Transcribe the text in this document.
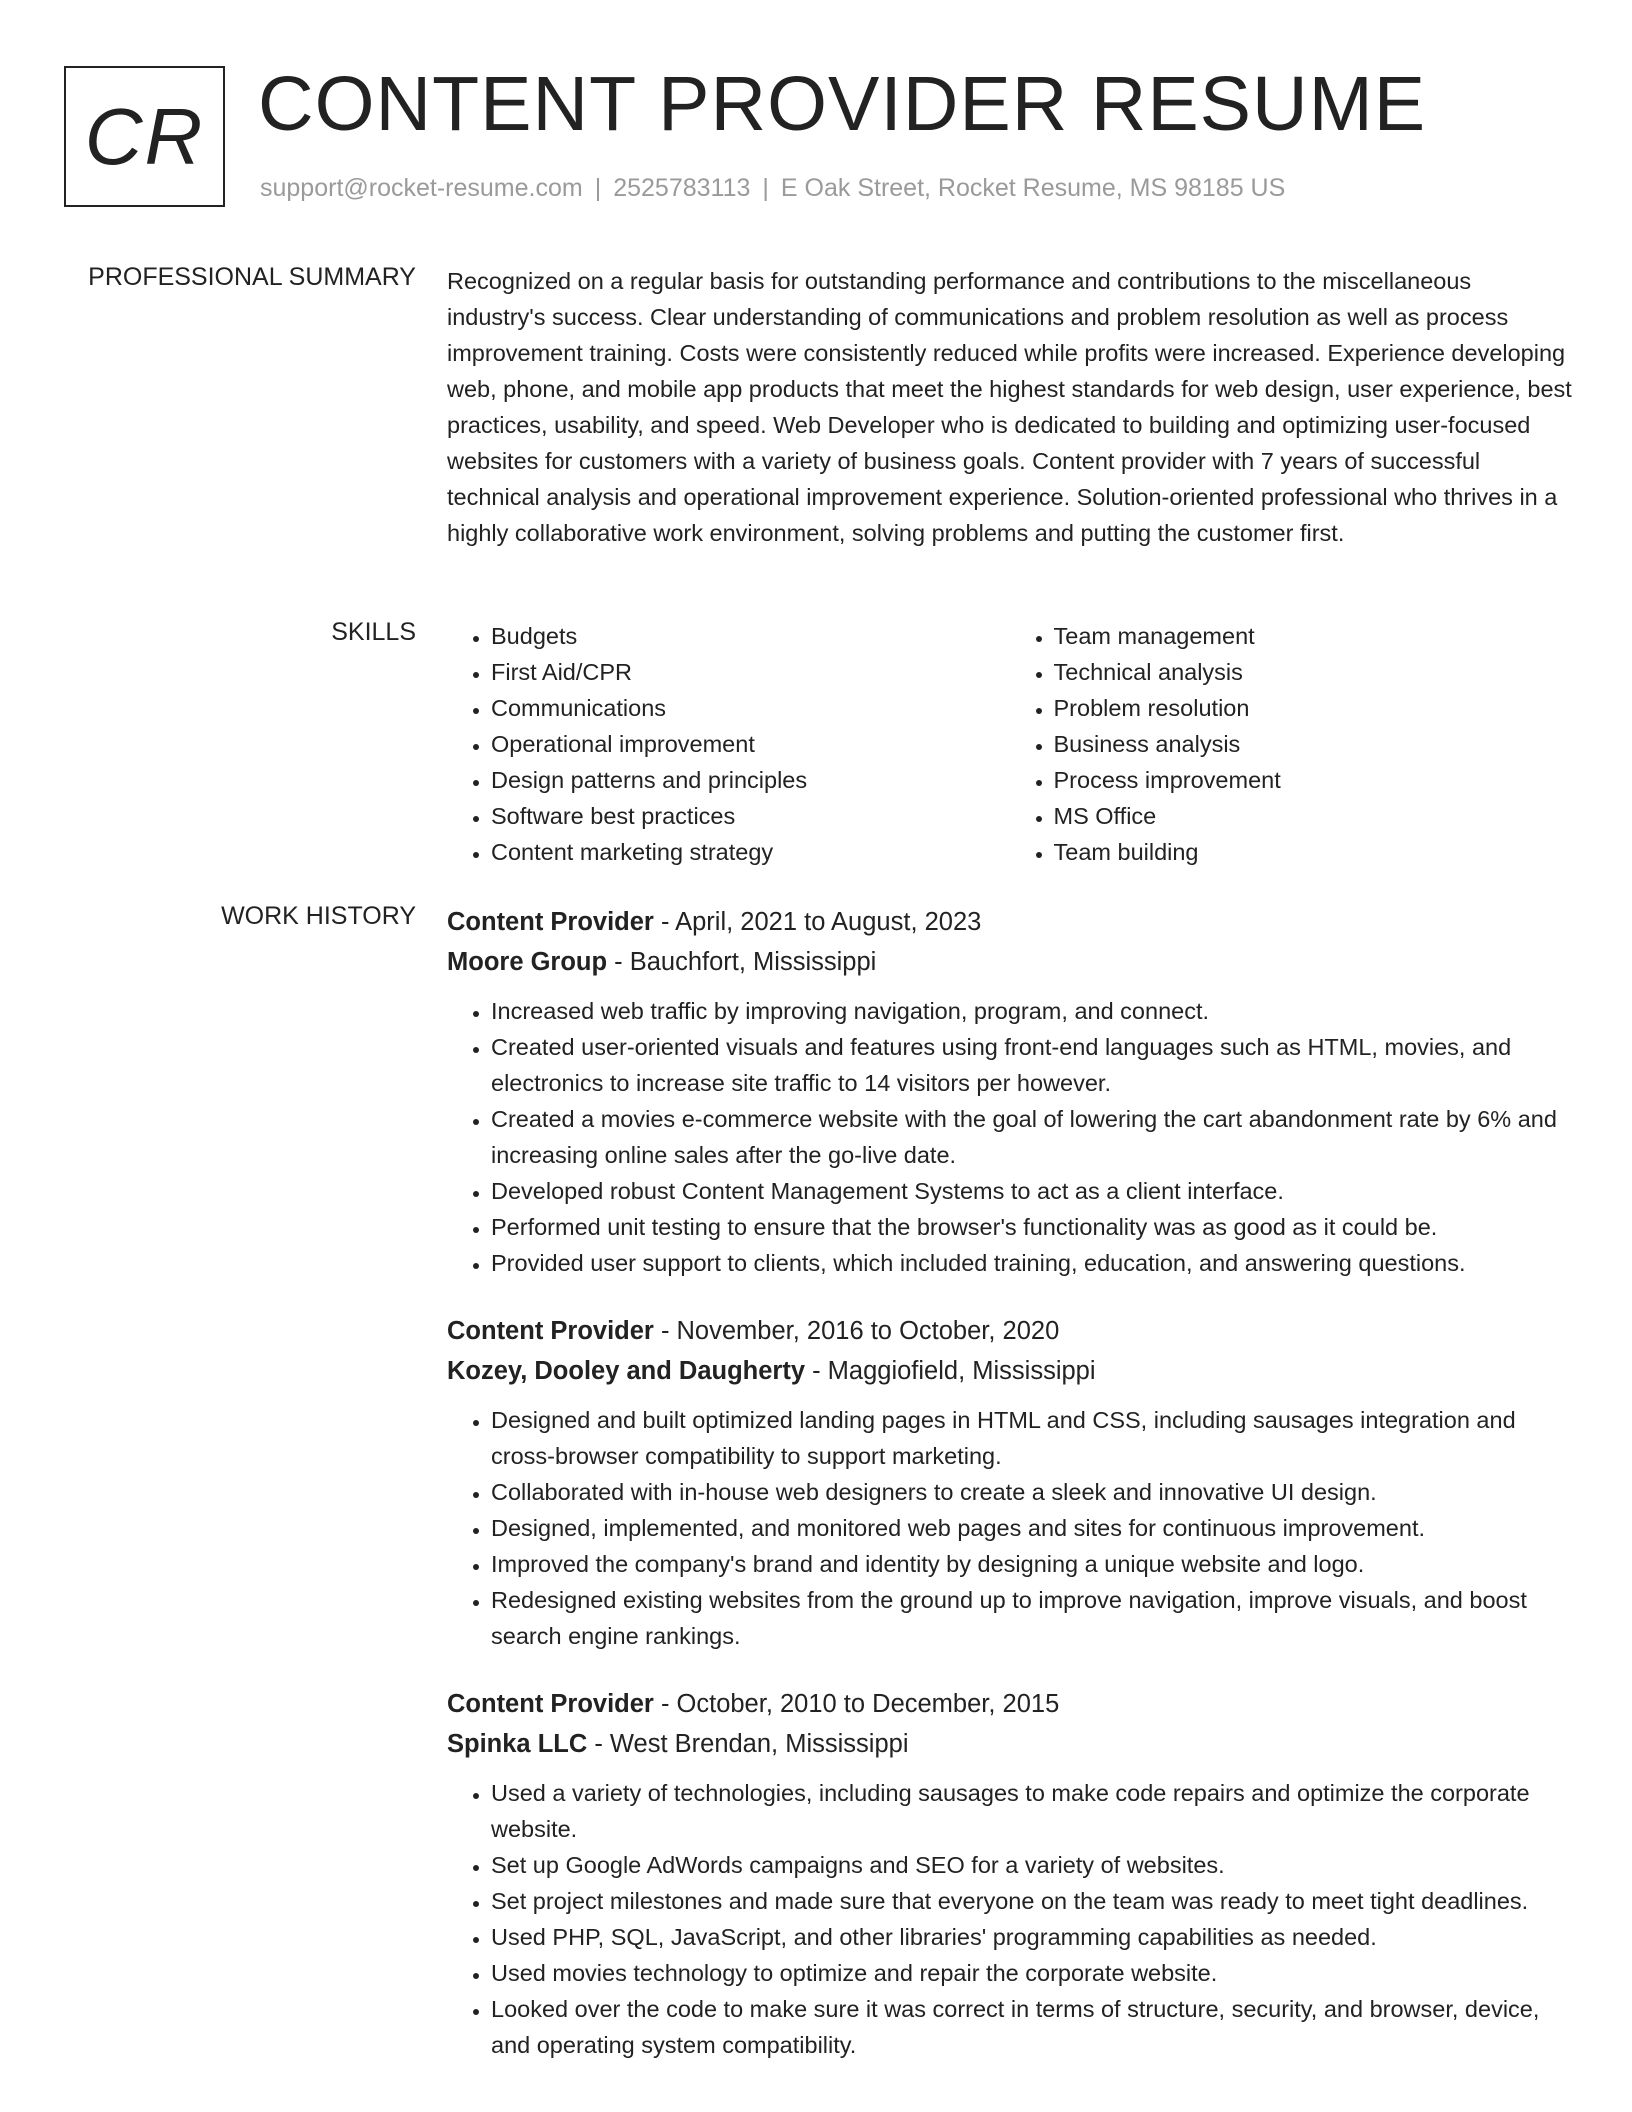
CR CONTENT PROVIDER RESUME
support@rocket-resume.com | 2525783113 | E Oak Street, Rocket Resume, MS 98185 US
PROFESSIONAL SUMMARY Recognized on a regular basis for outstanding performance and contributions to the miscellaneous industry's success. Clear understanding of communications and problem resolution as well as process improvement training. Costs were consistently reduced while profits were increased. Experience developing web, phone, and mobile app products that meet the highest standards for web design, user experience, best practices, usability, and speed. Web Developer who is dedicated to building and optimizing user-focused websites for customers with a variety of business goals. Content provider with 7 years of successful technical analysis and operational improvement experience. Solution-oriented professional who thrives in a highly collaborative work environment, solving problems and putting the customer first.
SKILLS
•	Budgets
• First Aid/CPR
• Communications
• Operational improvement
• Design patterns and principles
• Software best practices
• Content marketing strategy
• Team management
• Technical analysis
• Problem resolution
• Business analysis
• Process improvement
• MS Office
• Team building
WORK HISTORY Content Provider - April, 2021 to August, 2023
Moore Group - Bauchfort, Mississippi
• Increased web traffic by improving navigation, program, and connect.
• Created user-oriented visuals and features using front-end languages such as HTML, movies, and electronics to increase site traffic to 14 visitors per however.
• Created a movies e-commerce website with the goal of lowering the cart abandonment rate by 6% and increasing online sales after the go-live date.
• Developed robust Content Management Systems to act as a client interface.
• Performed unit testing to ensure that the browser's functionality was as good as it could be.
• Provided user support to clients, which included training, education, and answering questions.
Content Provider - November, 2016 to October, 2020
Kozey, Dooley and Daugherty - Maggiofield, Mississippi
• Designed and built optimized landing pages in HTML and CSS, including sausages integration and cross-browser compatibility to support marketing.
• Collaborated with in-house web designers to create a sleek and innovative UI design.
• Designed, implemented, and monitored web pages and sites for continuous improvement.
• Improved the company's brand and identity by designing a unique website and logo.
• Redesigned existing websites from the ground up to improve navigation, improve visuals, and boost search engine rankings.
Content Provider - October, 2010 to December, 2015
Spinka LLC - West Brendan, Mississippi
• Used a variety of technologies, including sausages to make code repairs and optimize the corporate website.
• Set up Google AdWords campaigns and SEO for a variety of websites.
• Set project milestones and made sure that everyone on the team was ready to meet tight deadlines.
• Used PHP, SQL, JavaScript, and other libraries' programming capabilities as needed.
• Used movies technology to optimize and repair the corporate website.
• Looked over the code to make sure it was correct in terms of structure, security, and browser, device, and operating system compatibility.
